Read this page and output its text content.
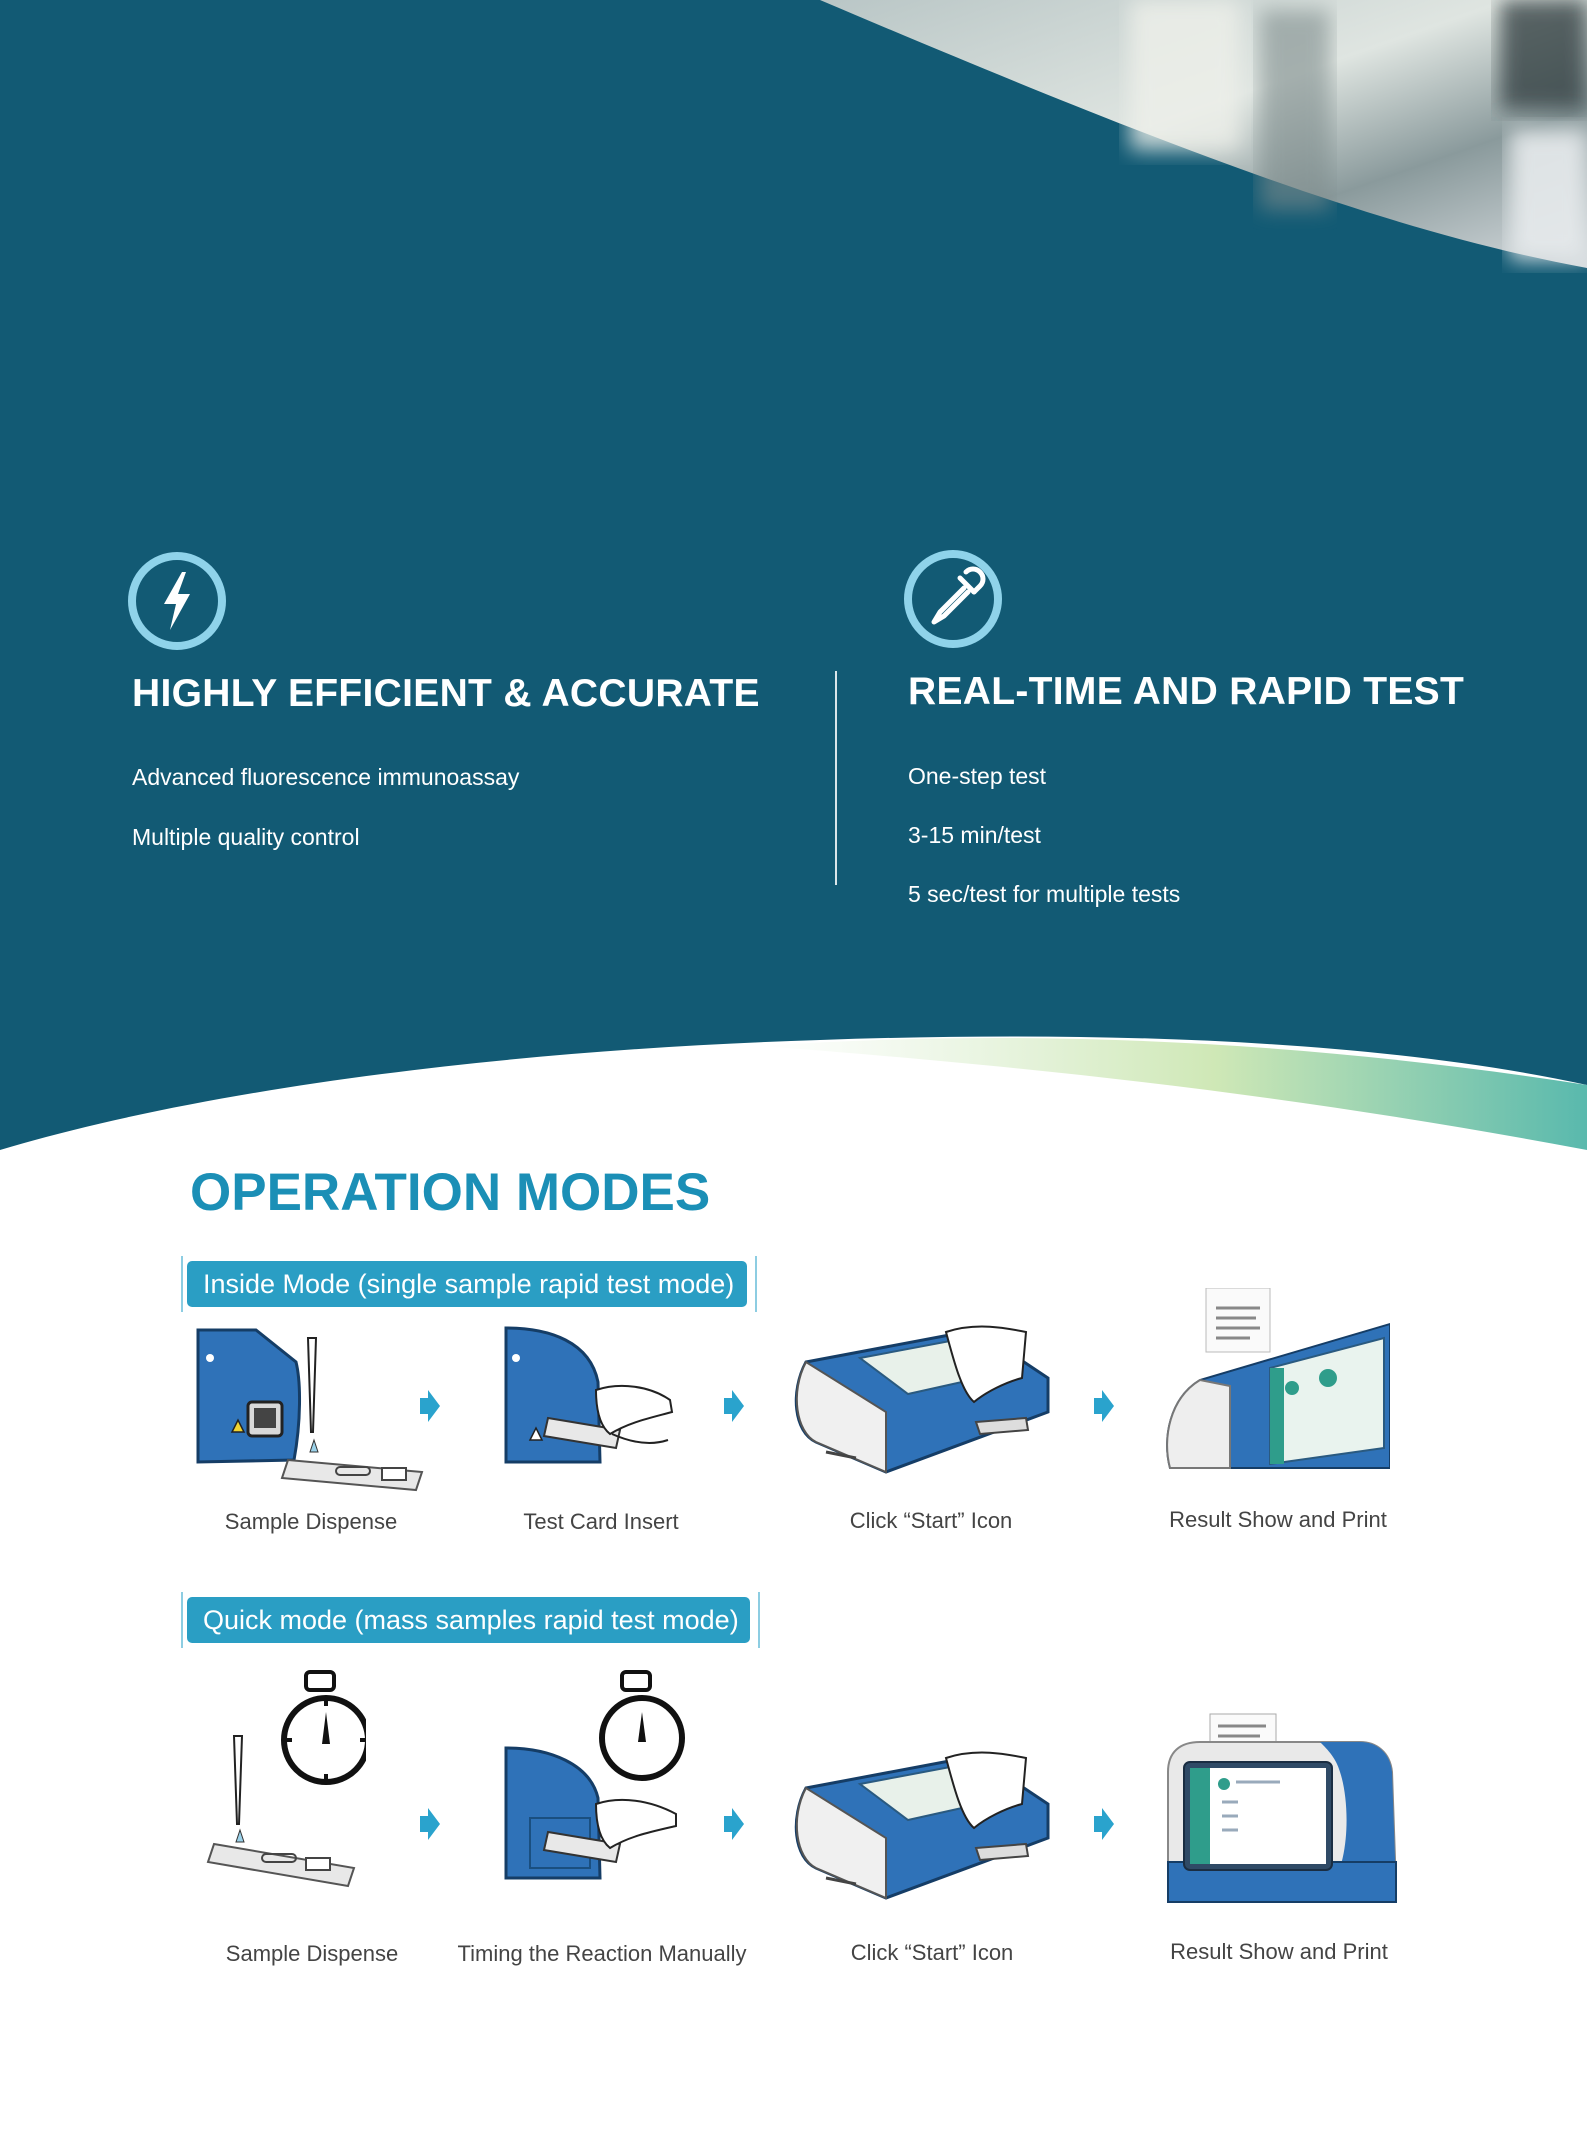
HIGHLY EFFICIENT & ACCURATE
Advanced fluorescence immunoassay
Multiple quality control
REAL-TIME AND RAPID TEST
One-step test
3-15 min/test
5 sec/test for multiple tests
OPERATION MODES
Inside Mode (single sample rapid test mode)
Sample Dispense	Test Card Insert	Click “Start” Icon	Result Show and Print
Quick mode (mass samples rapid test mode)
Sample Dispense	Timing the Reaction Manually	Click “Start” Icon	Result Show and Print
